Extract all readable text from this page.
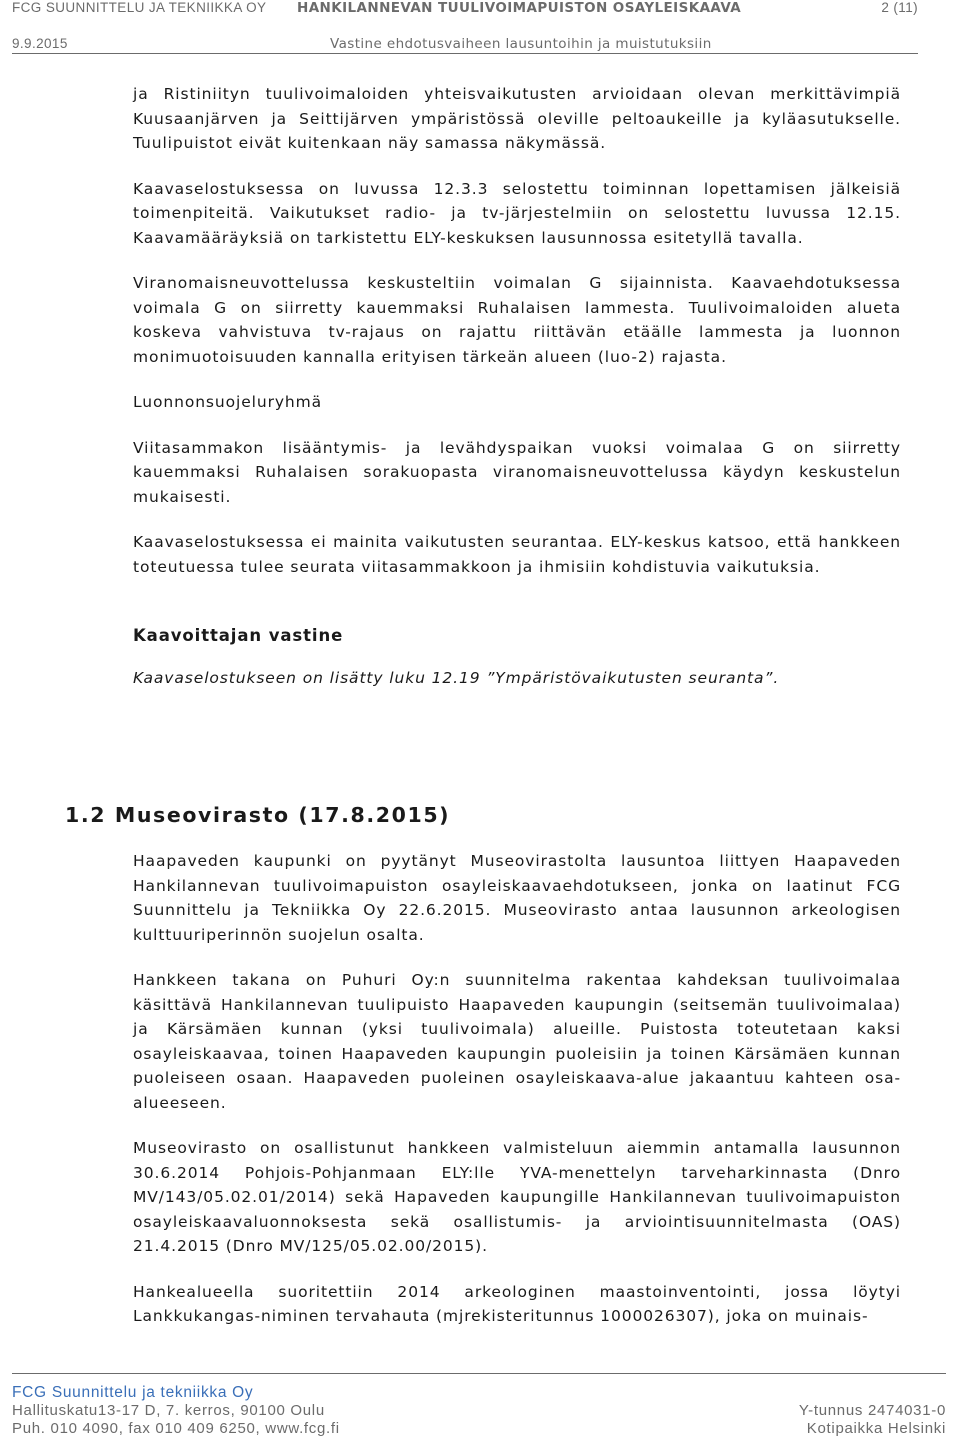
FCG SUUNNITTELU JA TEKNIIKKA OY HANKILANNEVAN TUULIVOIMAPUISTON OSAYLEISKAAVA	2 (11)
9.9.2015	Vastine ehdotusvaiheen lausuntoihin ja muistutuksiin

ja Ristiniityn tuulivoimaloiden yhteisvaikutusten arvioidaan olevan merkittävimpiä Kuusaanjärven ja Seittijärven ympäristössä oleville peltoaukeille ja kyläasutukselle. Tuulipuistot eivät kuitenkaan näy samassa näkymässä.

Kaavaselostuksessa on luvussa 12.3.3 selostettu toiminnan lopettamisen jälkeisiä toimenpiteitä. Vaikutukset radio- ja tv-järjestelmiin on selostettu luvussa 12.15. Kaavamääräyksiä on tarkistettu ELY-keskuksen lausunnossa esitetyllä tavalla.

Viranomaisneuvottelussa keskusteltiin voimalan G sijainnista. Kaavaehdotuksessa voimala G on siirretty kauemmaksi Ruhalaisen lammesta. Tuulivoimaloiden alueta koskeva vahvistuva tv-rajaus on rajattu riittävän etäälle lammesta ja luonnon monimuotoisuuden kannalla erityisen tärkeän alueen (luo-2) rajasta.

Luonnonsuojeluryhmä

Viitasammakon lisääntymis- ja levähdyspaikan vuoksi voimalaa G on siirretty kauemmaksi Ruhalaisen sorakuopasta viranomaisneuvottelussa käydyn keskustelun mukaisesti.

Kaavaselostuksessa ei mainita vaikutusten seurantaa. ELY-keskus katsoo, että hankkeen toteutuessa tulee seurata viitasammakkoon ja ihmisiin kohdistuvia vaikutuksia.

Kaavoittajan vastine

Kaavaselostukseen on lisätty luku 12.19 ”Ympäristövaikutusten seuranta”.

1.2 Museovirasto (17.8.2015)

Haapaveden kaupunki on pyytänyt Museovirastolta lausuntoa liittyen Haapaveden Hankilannevan tuulivoimapuiston osayleiskaavaehdotukseen, jonka on laatinut FCG Suunnittelu ja Tekniikka Oy 22.6.2015. Museovirasto antaa lausunnon arkeologisen kulttuuriperinnön suojelun osalta.

Hankkeen takana on Puhuri Oy:n suunnitelma rakentaa kahdeksan tuulivoimalaa käsittävä Hankilannevan tuulipuisto Haapaveden kaupungin (seitsemän tuulivoimalaa) ja Kärsämäen kunnan (yksi tuulivoimala) alueille. Puistosta toteutetaan kaksi osayleiskaavaa, toinen Haapaveden kaupungin puoleisiin ja toinen Kärsämäen kunnan puoleiseen osaan. Haapaveden puoleinen osayleiskaava-alue jakaantuu kahteen osa-alueeseen.

Museovirasto on osallistunut hankkeen valmisteluun aiemmin antamalla lausunnon 30.6.2014 Pohjois-Pohjanmaan ELY:lle YVA-menettelyn tarveharkinnasta (Dnro MV/143/05.02.01/2014) sekä Hapaveden kaupungille Hankilannevan tuulivoimapuiston osayleiskaavaluonnoksesta sekä osallistumis- ja arviointisuunnitelmasta (OAS) 21.4.2015 (Dnro MV/125/05.02.00/2015).

Hankealueella suoritettiin 2014 arkeologinen maastoinventointi, jossa löytyi Lankkukangas-niminen tervahauta (mjrekisteritunnus 1000026307), joka on muinais-

FCG Suunnittelu ja tekniikka Oy
Hallituskatu13-17 D, 7. kerros, 90100 Oulu	Y-tunnus 2474031-0
Puh. 010 4090, fax 010 409 6250, www.fcg.fi	Kotipaikka Helsinki
